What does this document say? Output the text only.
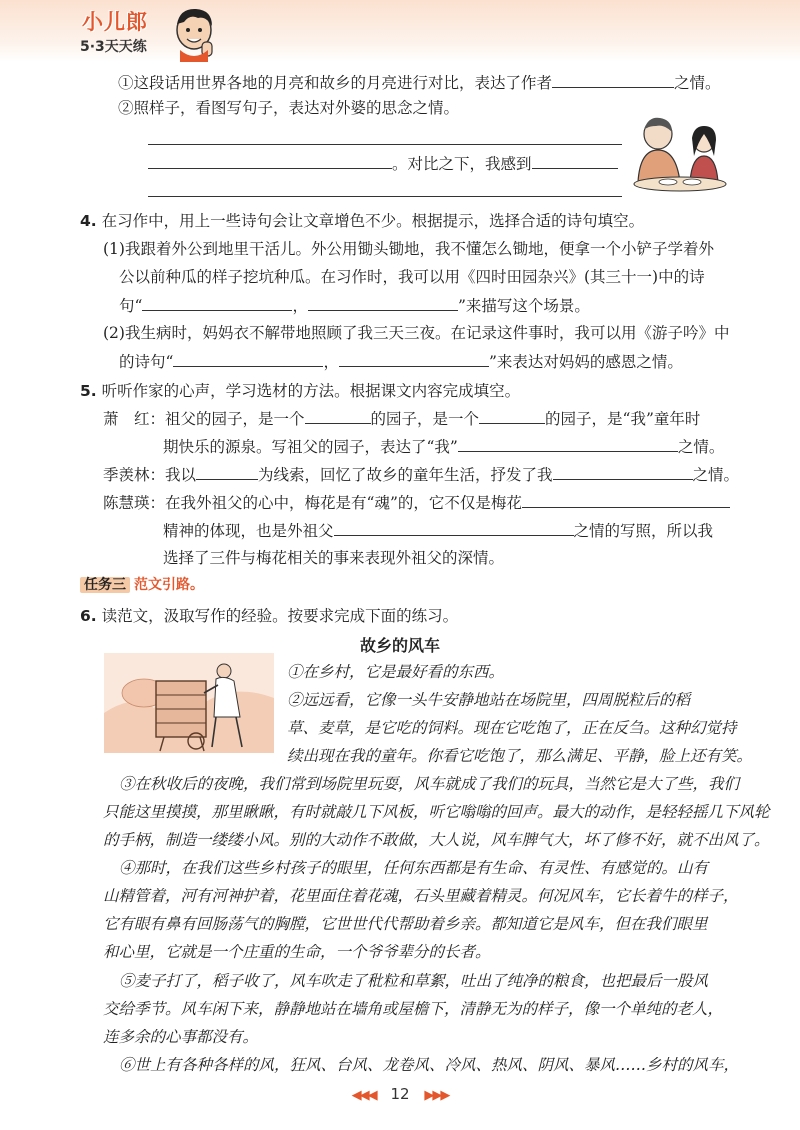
小儿郎
5·3天天练
①这段话用世界各地的月亮和故乡的月亮进行对比，表达了作者	之情。
②照样子，看图写句子，表达对外婆的思念之情。
。对比之下，我感到
4. 在习作中，用上一些诗句会让文章增色不少。根据提示，选择合适的诗句填空。
(1)我跟着外公到地里干活儿。外公用锄头锄地，我不懂怎么锄地，便拿一个小铲子学着外
公以前种瓜的样子挖坑种瓜。在习作时，我可以用《四时田园杂兴》(其三十一)中的诗
句“	，	”来描写这个场景。
(2)我生病时，妈妈衣不解带地照顾了我三天三夜。在记录这件事时，我可以用《游子吟》中
的诗句“	，	”来表达对妈妈的感恩之情。
5. 听听作家的心声，学习选材的方法。根据课文内容完成填空。
萧　红：祖父的园子，是一个	的园子，是一个	的园子，是“我”童年时
期快乐的源泉。写祖父的园子，表达了“我”	之情。
季羡林：我以	为线索，回忆了故乡的童年生活，抒发了我	之情。
陈慧瑛：在我外祖父的心中，梅花是有“魂”的，它不仅是梅花
精神的体现，也是外祖父	之情的写照，所以我
选择了三件与梅花相关的事来表现外祖父的深情。
任务三 范文引路。
6. 读范文，汲取写作的经验。按要求完成下面的练习。
故乡的风车
①在乡村，它是最好看的东西。
②远远看，它像一头牛安静地站在场院里，四周脱粒后的稻
草、麦草，是它吃的饲料。现在它吃饱了，正在反刍。这种幻觉持
续出现在我的童年。你看它吃饱了，那么满足、平静，脸上还有笑。
③在秋收后的夜晚，我们常到场院里玩耍，风车就成了我们的玩具，当然它是大了些，我们
只能这里摸摸，那里瞅瞅，有时就敲几下风板，听它嗡嗡的回声。最大的动作，是轻轻摇几下风轮
的手柄，制造一缕缕小风。别的大动作不敢做，大人说，风车脾气大，坏了修不好，就不出风了。
④那时，在我们这些乡村孩子的眼里，任何东西都是有生命、有灵性、有感觉的。山有
山精管着，河有河神护着，花里面住着花魂，石头里藏着精灵。何况风车，它长着牛的样子，
它有眼有鼻有回肠荡气的胸膛，它世世代代帮助着乡亲。都知道它是风车，但在我们眼里
和心里，它就是一个庄重的生命，一个爷爷辈分的长者。
⑤麦子打了，稻子收了，风车吹走了秕粒和草絮，吐出了纯净的粮食，也把最后一股风
交给季节。风车闲下来，静静地站在墙角或屋檐下，清静无为的样子，像一个单纯的老人，
连多余的心事都没有。
⑥世上有各种各样的风，狂风、台风、龙卷风、冷风、热风、阴风、暴风……乡村的风车，
◀◀◀ 12 ▶▶▶
